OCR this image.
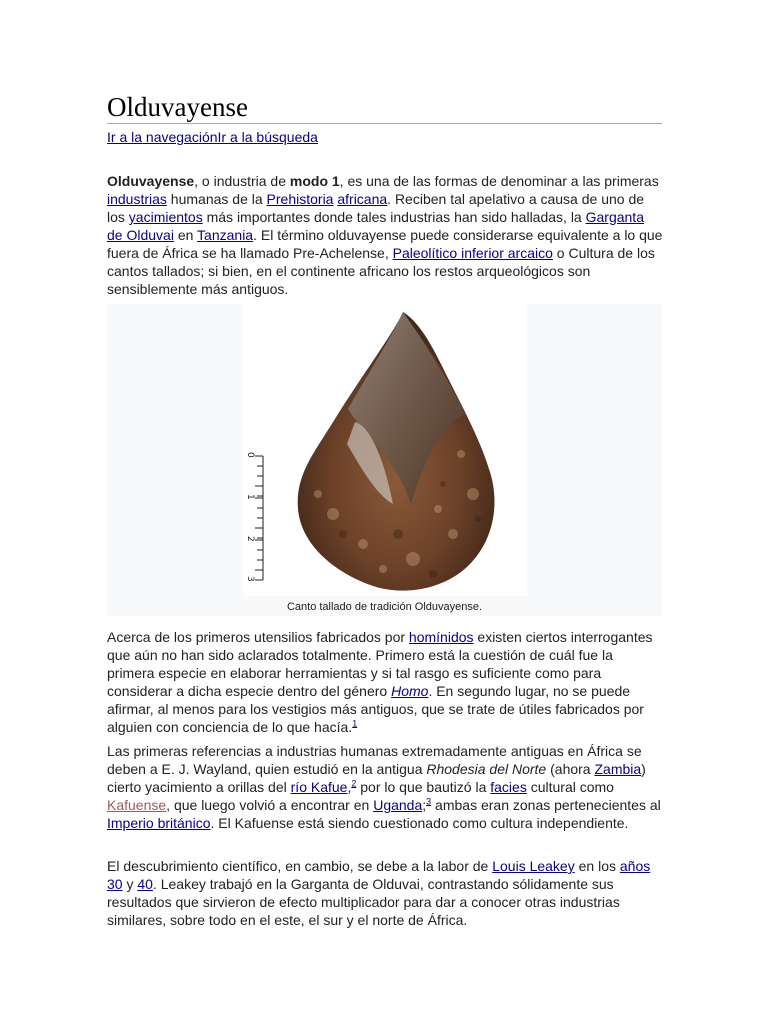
Olduvayense
Ir a la navegaciónIr a la búsqueda

Olduvayense, o industria de modo 1, es una de las formas de denominar a las primeras industrias humanas de la Prehistoria africana. Reciben tal apelativo a causa de uno de los yacimientos más importantes donde tales industrias han sido halladas, la Garganta de Olduvai en Tanzania. El término olduvayense puede considerarse equivalente a lo que fuera de África se ha llamado Pre-Achelense, Paleolítico inferior arcaico o Cultura de los cantos tallados; si bien, en el continente africano los restos arqueológicos son sensiblemente más antiguos.

0
1
2
3
Canto tallado de tradición Olduvayense.

Acerca de los primeros utensilios fabricados por homínidos existen ciertos interrogantes que aún no han sido aclarados totalmente. Primero está la cuestión de cuál fue la primera especie en elaborar herramientas y si tal rasgo es suficiente como para considerar a dicha especie dentro del género Homo. En segundo lugar, no se puede afirmar, al menos para los vestigios más antiguos, que se trate de útiles fabricados por alguien con conciencia de lo que hacía.$^1$

Las primeras referencias a industrias humanas extremadamente antiguas en África se deben a E. J. Wayland, quien estudió en la antigua Rhodesia del Norte (ahora Zambia) cierto yacimiento a orillas del río Kafue,$^2$ por lo que bautizó la facies cultural como Kafuense, que luego volvió a encontrar en Uganda;$^3$ ambas eran zonas pertenecientes al Imperio británico. El Kafuense está siendo cuestionado como cultura independiente.

El descubrimiento científico, en cambio, se debe a la labor de Louis Leakey en los años 30 y 40. Leakey trabajó en la Garganta de Olduvai, contrastando sólidamente sus resultados que sirvieron de efecto multiplicador para dar a conocer otras industrias similares, sobre todo en el este, el sur y el norte de África.
